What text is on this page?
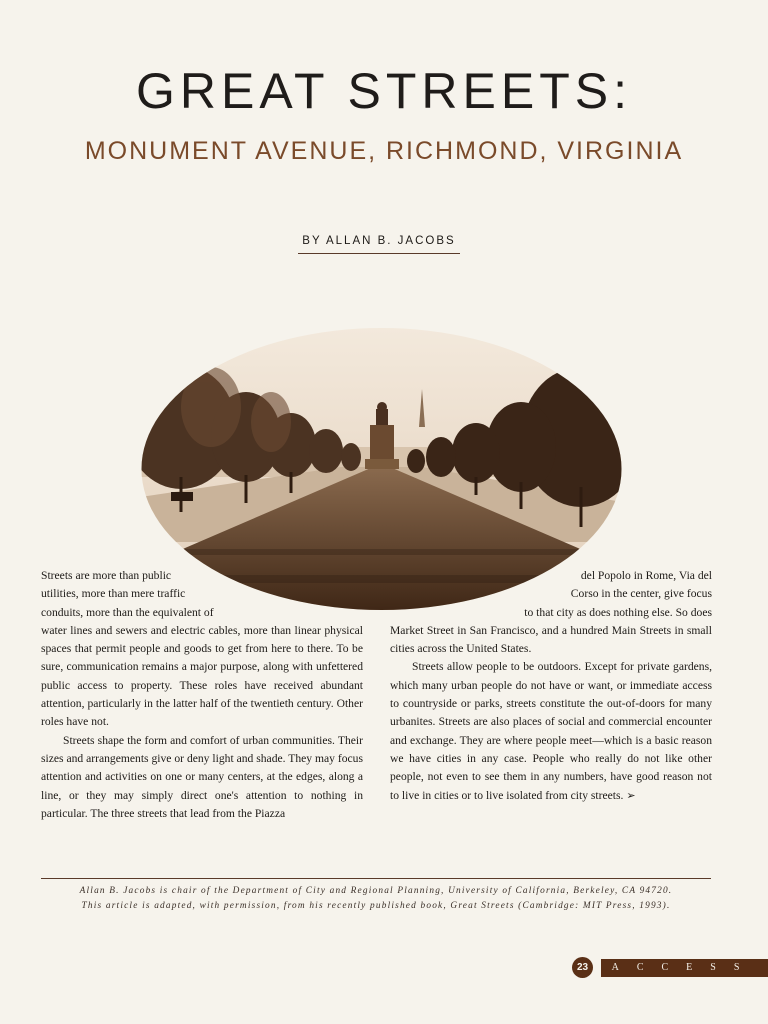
GREAT STREETS:
MONUMENT AVENUE, RICHMOND, VIRGINIA
BY ALLAN B. JACOBS

Streets are more than public
utilities, more than mere traffic
conduits, more than the equivalent of
water lines and sewers and electric cables, more than linear physical spaces that permit people and goods to get from here to there. To be sure, communication remains a major purpose, along with unfettered public access to property. These roles have received abundant attention, particularly in the latter half of the twentieth century. Other roles have not.

Streets shape the form and comfort of urban communities. Their sizes and arrangements give or deny light and shade. They may focus attention and activities on one or many centers, at the edges, along a line, or they may simply direct one's attention to nothing in particular. The three streets that lead from the Piazza

del Popolo in Rome, Via del
Corso in the center, give focus
to that city as does nothing else. So does
Market Street in San Francisco, and a hundred Main Streets in small cities across the United States.

Streets allow people to be outdoors. Except for private gardens, which many urban people do not have or want, or immediate access to countryside or parks, streets constitute the out-of-doors for many urbanites. Streets are also places of social and commercial encounter and exchange. They are where people meet—which is a basic reason we have cities in any case. People who really do not like other people, not even to see them in any numbers, have good reason not to live in cities or to live isolated from city streets. ➢

Allan B. Jacobs is chair of the Department of City and Regional Planning, University of California, Berkeley, CA 94720.
This article is adapted, with permission, from his recently published book, Great Streets (Cambridge: MIT Press, 1993).
23	ACCESS
